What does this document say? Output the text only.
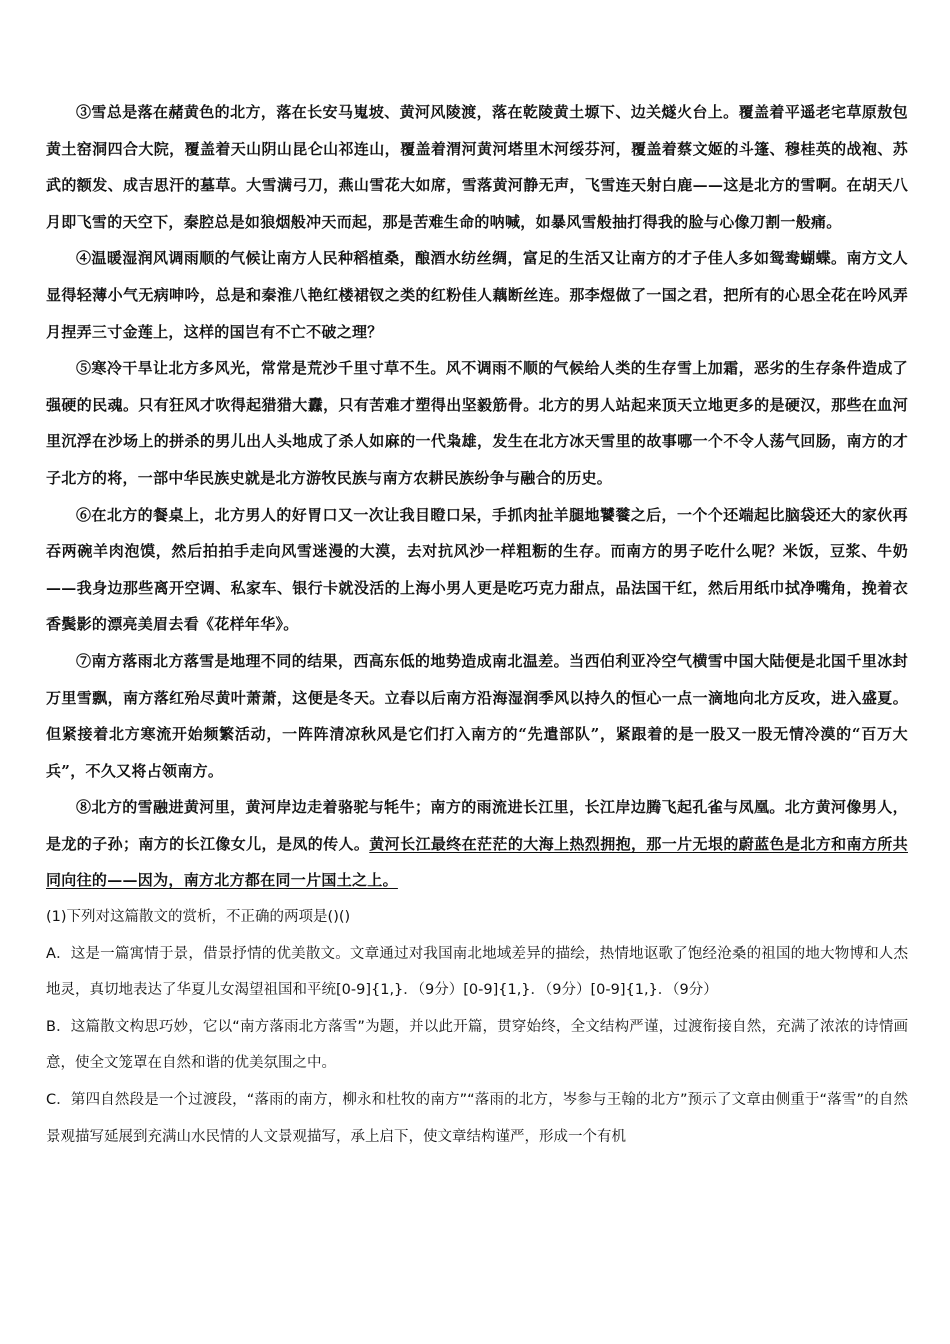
③雪总是落在赭黄色的北方，落在长安马嵬坡、黄河风陵渡，落在乾陵黄土塬下、边关燧火台上。覆盖着平遥老宅草原敖包黄土窑洞四合大院，覆盖着天山阴山昆仑山祁连山，覆盖着渭河黄河塔里木河绥芬河，覆盖着蔡文姬的斗篷、穆桂英的战袍、苏武的额发、成吉思汗的墓草。大雪满弓刀，燕山雪花大如席，雪落黄河静无声，飞雪连天射白鹿——这是北方的雪啊。在胡天八月即飞雪的天空下，秦腔总是如狼烟般冲天而起，那是苦难生命的呐喊，如暴风雪般抽打得我的脸与心像刀割一般痛。

④温暖湿润风调雨顺的气候让南方人民种稻植桑，酿酒水纺丝绸，富足的生活又让南方的才子佳人多如鸳鸯蝴蝶。南方文人显得轻薄小气无病呻吟，总是和秦淮八艳红楼裙钗之类的红粉佳人藕断丝连。那李煜做了一国之君，把所有的心思全花在吟风弄月捏弄三寸金莲上，这样的国岂有不亡不破之理？

⑤寒冷干旱让北方多风光，常常是荒沙千里寸草不生。风不调雨不顺的气候给人类的生存雪上加霜，恶劣的生存条件造成了强硬的民魂。只有狂风才吹得起猎猎大纛，只有苦难才塑得出坚毅筋骨。北方的男人站起来顶天立地更多的是硬汉，那些在血河里沉浮在沙场上的拼杀的男儿出人头地成了杀人如麻的一代枭雄，发生在北方冰天雪里的故事哪一个不令人荡气回肠，南方的才子北方的将，一部中华民族史就是北方游牧民族与南方农耕民族纷争与融合的历史。

⑥在北方的餐桌上，北方男人的好胃口又一次让我目瞪口呆，手抓肉扯羊腿地饕餮之后，一个个还端起比脑袋还大的家伙再吞两碗羊肉泡馍，然后拍拍手走向风雪迷漫的大漠，去对抗风沙一样粗粝的生存。而南方的男子吃什么呢？米饭，豆浆、牛奶——我身边那些离开空调、私家车、银行卡就没活的上海小男人更是吃巧克力甜点，品法国干红，然后用纸巾拭净嘴角，挽着衣香鬓影的漂亮美眉去看《花样年华》。

⑦南方落雨北方落雪是地理不同的结果，西高东低的地势造成南北温差。当西伯利亚冷空气横雪中国大陆便是北国千里冰封万里雪飘，南方落红殆尽黄叶萧萧，这便是冬天。立春以后南方沿海湿润季风以持久的恒心一点一滴地向北方反攻，进入盛夏。但紧接着北方寒流开始频繁活动，一阵阵清凉秋风是它们打入南方的“先遣部队”，紧跟着的是一股又一股无情冷漠的“百万大兵”，不久又将占领南方。

⑧北方的雪融进黄河里，黄河岸边走着骆驼与牦牛；南方的雨流进长江里，长江岸边腾飞起孔雀与凤凰。北方黄河像男人，是龙的子孙；南方的长江像女儿，是凤的传人。黄河长江最终在茫茫的大海上热烈拥抱，那一片无垠的蔚蓝色是北方和南方所共同向往的——因为，南方北方都在同一片国土之上。

(1)下列对这篇散文的赏析，不正确的两项是()()

A．这是一篇寓情于景，借景抒情的优美散文。文章通过对我国南北地域差异的描绘，热情地讴歌了饱经沧桑的祖国的地大物博和人杰地灵，真切地表达了华夏儿女渴望祖国和平统[0-9]{1,}．（9分）[0-9]{1,}．（9分）[0-9]{1,}．（9分）

B．这篇散文构思巧妙，它以“南方落雨北方落雪”为题，并以此开篇，贯穿始终，全文结构严谨，过渡衔接自然，充满了浓浓的诗情画意，使全文笼罩在自然和谐的优美氛围之中。

C．第四自然段是一个过渡段，“落雨的南方，柳永和杜牧的南方”“落雨的北方，岑参与王翰的北方”预示了文章由侧重于“落雪”的自然景观描写延展到充满山水民情的人文景观描写，承上启下，使文章结构谨严，形成一个有机
